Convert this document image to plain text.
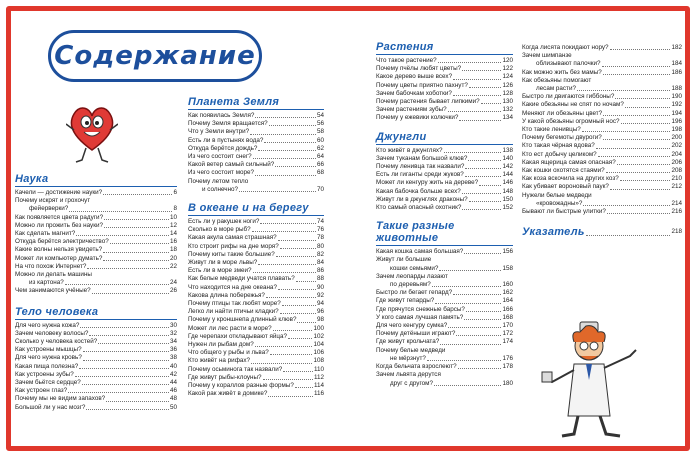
Содержание
Наука
Качели — достижение науки?	6
Почему искрят и грохочут
фейерверки?	8
Как появляется цвета радуги?	10
Можно ли прожить без науки?	12
Как сделать магнит?	14
Откуда берётся электричество?	16
Какие волны нельзя увидеть?	18
Может ли компьютер думать?	20
На что похож Интернет?	22
Можно ли делать машины
из картона?	24
Чем занимаются учёные?	26
Тело человека
Для чего нужна кожа?	30
Зачем человеку волосы?	32
Сколько у человека костей?	34
Как устроены мышцы?	36
Для чего нужна кровь?	38
Какая пища полезна?	40
Как устроены зубы?	42
Зачем бьётся сердце?	44
Как устроен глаз?	46
Почему мы не видим запахов?	48
Большой ли у нас мозг?	50
Планета Земля
Как появилась Земля?	54
Почему Земля вращается?	56
Что у Земли внутри?	58
Есть ли в пустынях вода?	60
Откуда берётся дождь?	62
Из чего состоит снег?	64
Какой ветер самый сильный?	66
Из чего состоит море?	68
Почему летом тепло
и солнечно?	70
В океане и на берегу
Есть ли у ракушек ноги?	74
Сколько в море рыб?	76
Какая акула самая страшная?	78
Кто строит рифы на дне моря?	80
Почему киты такие большие?	82
Живут ли в море львы?	84
Есть ли в море змеи?	86
Как белые медведи учатся плавать?	88
Что находится на дне океана?	90
Какова длина побережья?	92
Почему птицы так любят море?	94
Легко ли найти птичьи кладки?	96
Почему у кроншнепа длинный клюв?	98
Может ли лес расти в море?	100
Где черепахи откладывают яйца?	102
Нужен ли рыбам дом?	104
Что общего у рыбы и льва?	106
Кто живёт на рифах?	108
Почему осьминога так назвали?	110
Где живут рыбы-клоуны?	112
Почему у кораллов разные формы?	114
Какой рак живёт в домике?	116
Растения
Что такое растение?	120
Почему пчёлы любят цветы?	122
Какое дерево выше всех?	124
Почему цветы приятно пахнут?	126
Зачем бабочкам хоботки?	128
Почему растения бывает липкими?	130
Зачем растениям зубы?	132
Почему у ежевики колючки?	134
Джунгли
Кто живёт в джунглях?	138
Зачем туканам большой клюв?	140
Почему ленивца так назвали?	142
Есть ли гиганты среди жуков?	144
Может ли кенгуру жить на дереве?	146
Какая бабочка больше всех?	148
Живут ли в джунглях драконы?	150
Кто самый опасный охотник?	152
Такие разные животные
Какая кошка самая большая?	156
Живут ли большие
кошки семьями?	158
Зачем леопарды лазают
по деревьям?	160
Быстро ли бегает гепард?	162
Где живут гепарды?	164
Где прячутся снежные барсы?	166
У кого самая лучшая память?	168
Для чего кенгуру сумка?	170
Почему детёныши играют?	172
Где живут крольчата?	174
Почему белые медведи
не мёрзнут?	176
Когда бельчата взрослеют?	178
Зачем львята дерутся
друг с другом?	180
Когда лисята покидают нору?	182
Зачем шимпанзе
облизывают палочки?	184
Как можно жить без мамы?	186
Как обезьяны помогают
лесам расти?	188
Быстро ли двигаются гиббоны?	190
Какие обезьяны не спят по ночам?	192
Меняют ли обезьяны цвет?	194
У какой обезьяны огромный нос?	196
Кто такие ленивцы?	198
Почему бегемоты двуроги?	200
Кто такая чёрная вдова?	202
Кто ест добычу целиком?	204
Какая ящерица самая опасная?	206
Как кошки охотятся стаями?	208
Как коза вскочила на других коз?	210
Как убивает вороновый паук?	212
Нужели белые медведи
«кровожадны»?	214
Бывают ли быстрые улитки?	216
Указатель	218
